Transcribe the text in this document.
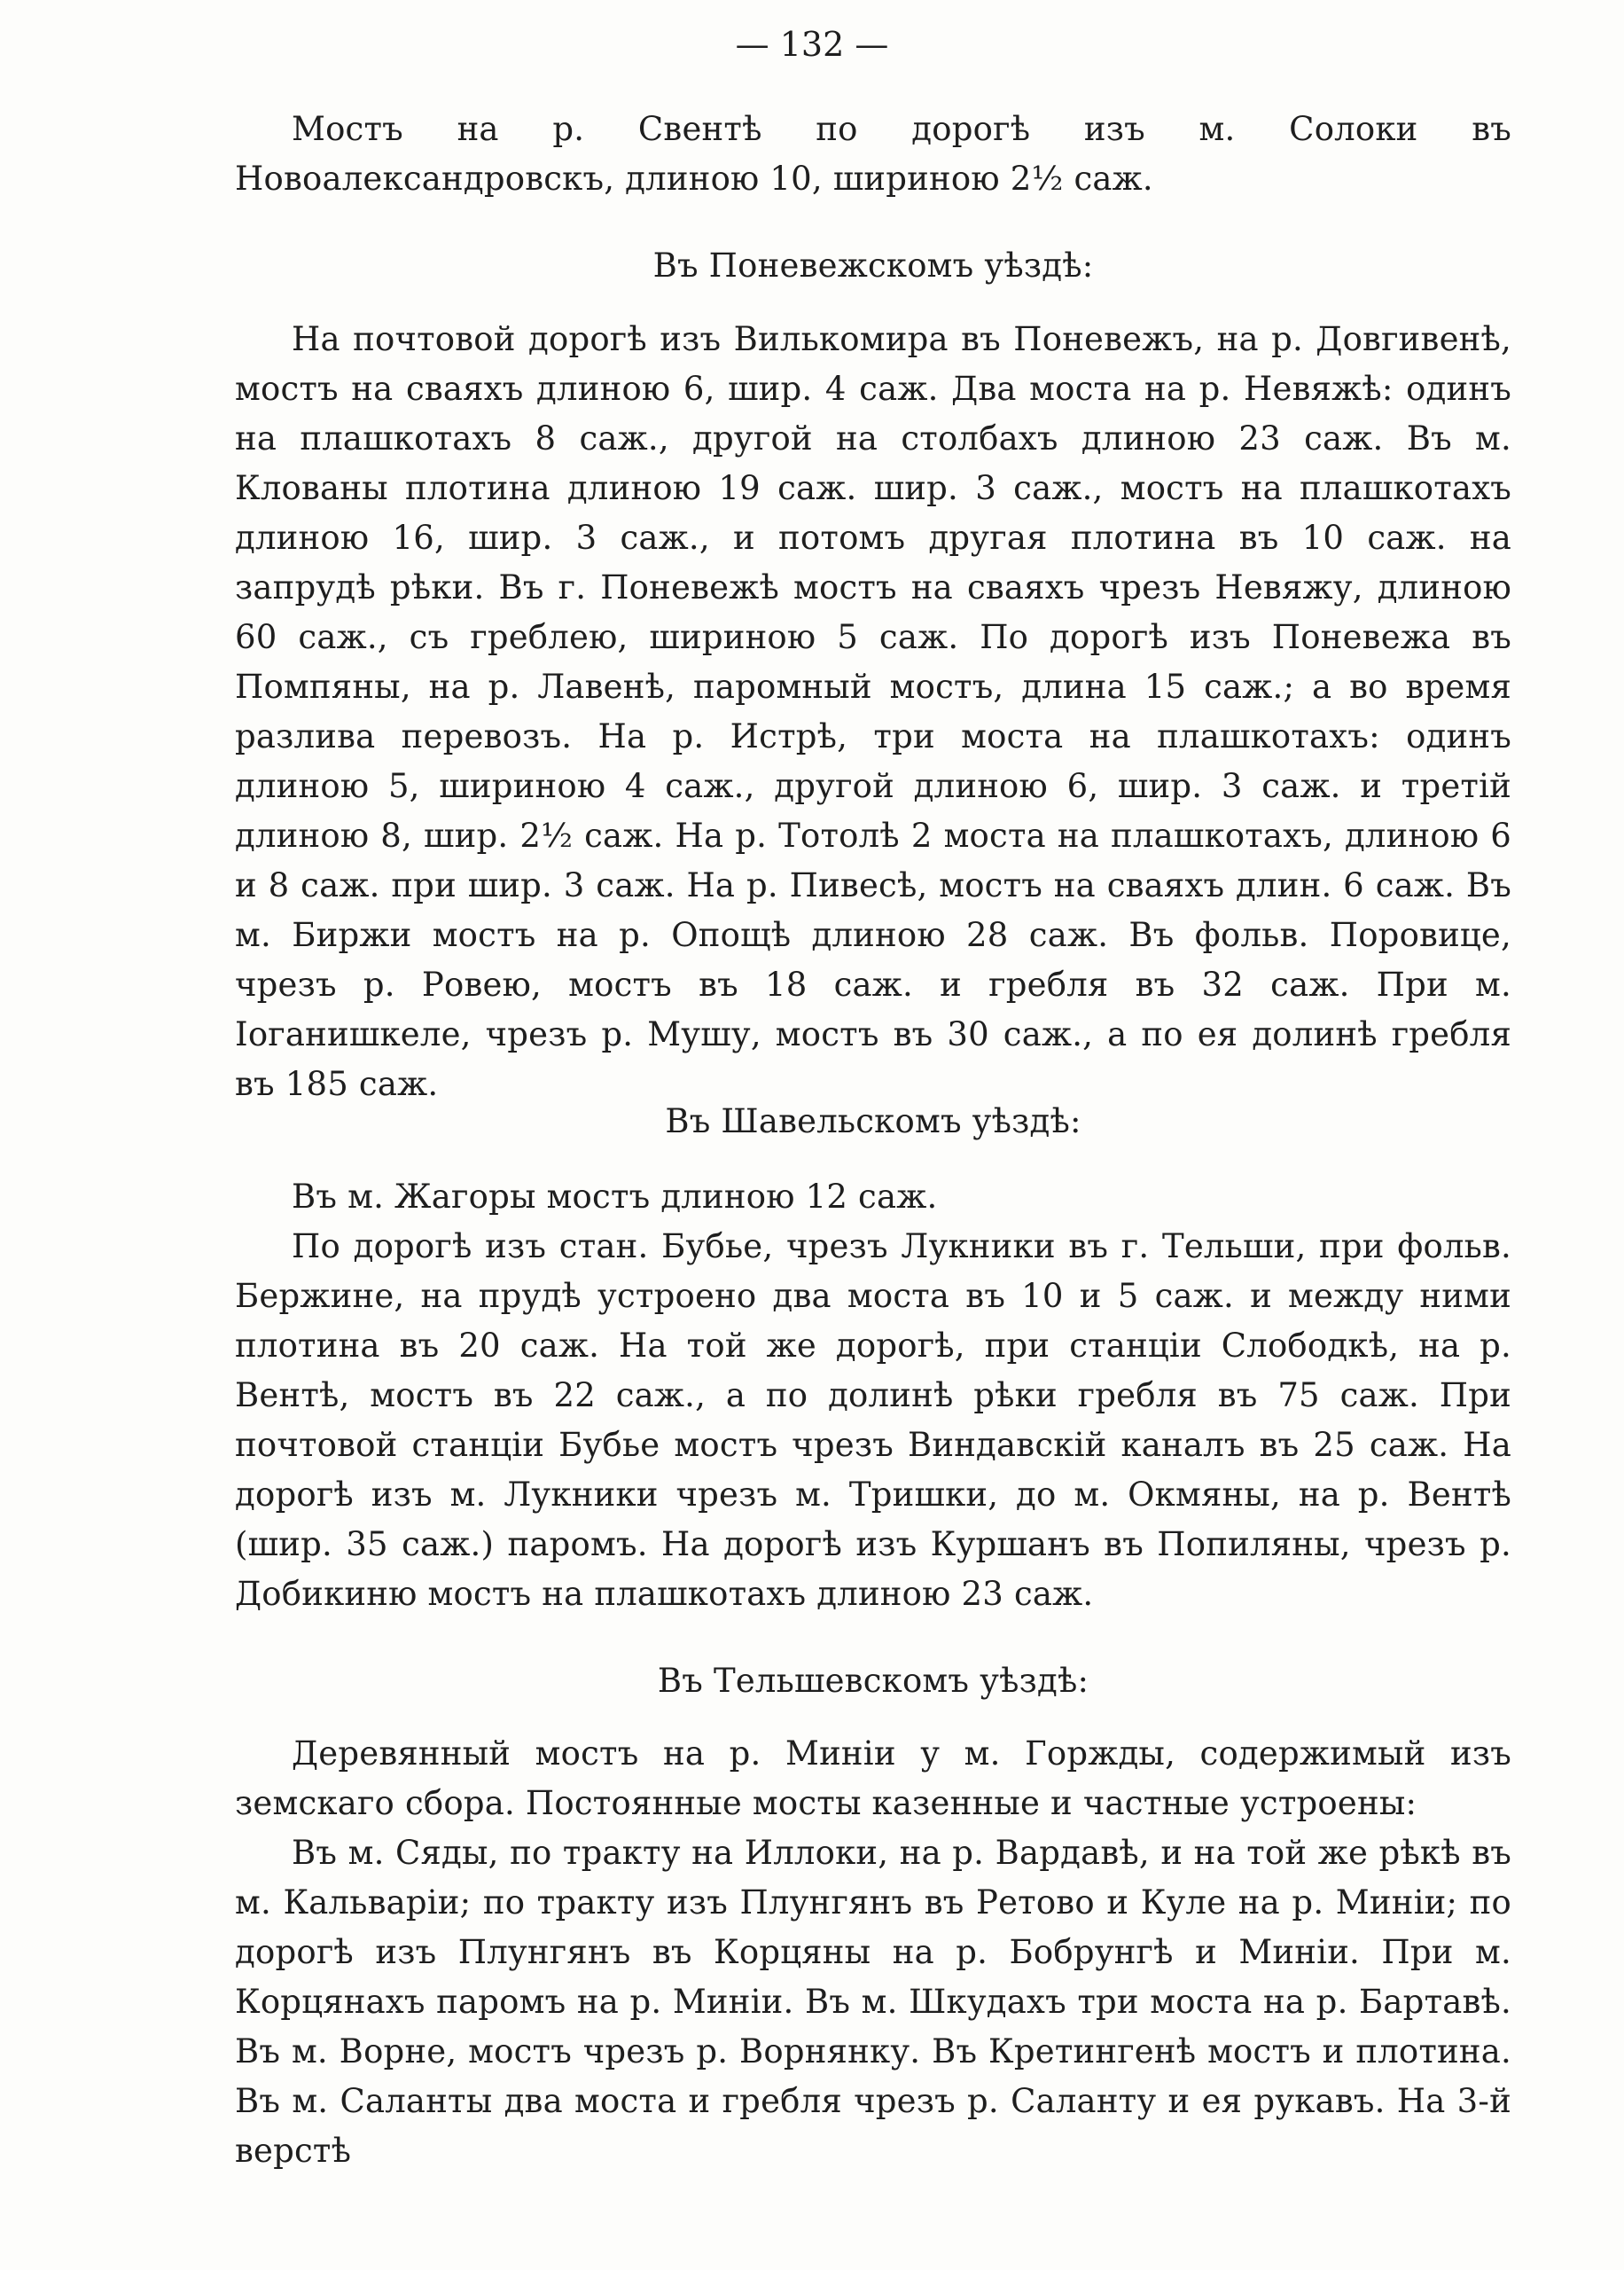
— 132 —

Мостъ на р. Свентѣ по дорогѣ изъ м. Солоки въ Новоалександровскъ, длиною 10, шириною 2½ саж.

Въ Поневежскомъ уѣздѣ:

На почтовой дорогѣ изъ Вилькомира въ Поневежъ, на р. Довгивенѣ, мостъ на сваяхъ длиною 6, шир. 4 саж. Два моста на р. Невяжѣ: одинъ на плашкотахъ 8 саж., другой на столбахъ длиною 23 саж. Въ м. Клованы плотина длиною 19 саж. шир. 3 саж., мостъ на плашкотахъ длиною 16, шир. 3 саж., и потомъ другая плотина въ 10 саж. на запрудѣ рѣки. Въ г. Поневежѣ мостъ на сваяхъ чрезъ Невяжу, длиною 60 саж., съ греблею, шириною 5 саж. По дорогѣ изъ Поневежа въ Помпяны, на р. Лавенѣ, паромный мостъ, длина 15 саж.; а во время разлива перевозъ. На р. Истрѣ, три моста на плашкотахъ: одинъ длиною 5, шириною 4 саж., другой длиною 6, шир. 3 саж. и третій длиною 8, шир. 2½ саж. На р. Тотолѣ 2 моста на плашкотахъ, длиною 6 и 8 саж. при шир. 3 саж. На р. Пивесѣ, мостъ на сваяхъ длин. 6 саж. Въ м. Биржи мостъ на р. Опощѣ длиною 28 саж. Въ фольв. Поровице, чрезъ р. Ровею, мостъ въ 18 саж. и гребля въ 32 саж. При м. Іоганишкеле, чрезъ р. Мушу, мостъ въ 30 саж., а по ея долинѣ гребля въ 185 саж.

Въ Шавельскомъ уѣздѣ:

Въ м. Жагоры мостъ длиною 12 саж.

По дорогѣ изъ стан. Бубье, чрезъ Лукники въ г. Тельши, при фольв. Бержине, на прудѣ устроено два моста въ 10 и 5 саж. и между ними плотина въ 20 саж. На той же дорогѣ, при станціи Слободкѣ, на р. Вентѣ, мостъ въ 22 саж., а по долинѣ рѣки гребля въ 75 саж. При почтовой станціи Бубье мостъ чрезъ Виндавскій каналъ въ 25 саж. На дорогѣ изъ м. Лукники чрезъ м. Тришки, до м. Окмяны, на р. Вентѣ (шир. 35 саж.) паромъ. На дорогѣ изъ Куршанъ въ Попиляны, чрезъ р. Добикиню мостъ на плашкотахъ длиною 23 саж.

Въ Тельшевскомъ уѣздѣ:

Деревянный мостъ на р. Миніи у м. Горжды, содержимый изъ земскаго сбора. Постоянные мосты казенные и частные устроены:

Въ м. Сяды, по тракту на Иллоки, на р. Вардавѣ, и на той же рѣкѣ въ м. Кальваріи; по тракту изъ Плунгянъ въ Ретово и Куле на р. Миніи; по дорогѣ изъ Плунгянъ въ Корцяны на р. Бобрунгѣ и Миніи. При м. Корцянахъ паромъ на р. Миніи. Въ м. Шкудахъ три моста на р. Бартавѣ. Въ м. Ворне, мостъ чрезъ р. Ворнянку. Въ Кретингенѣ мостъ и плотина. Въ м. Саланты два моста и гребля чрезъ р. Саланту и ея рукавъ. На 3-й верстѣ
